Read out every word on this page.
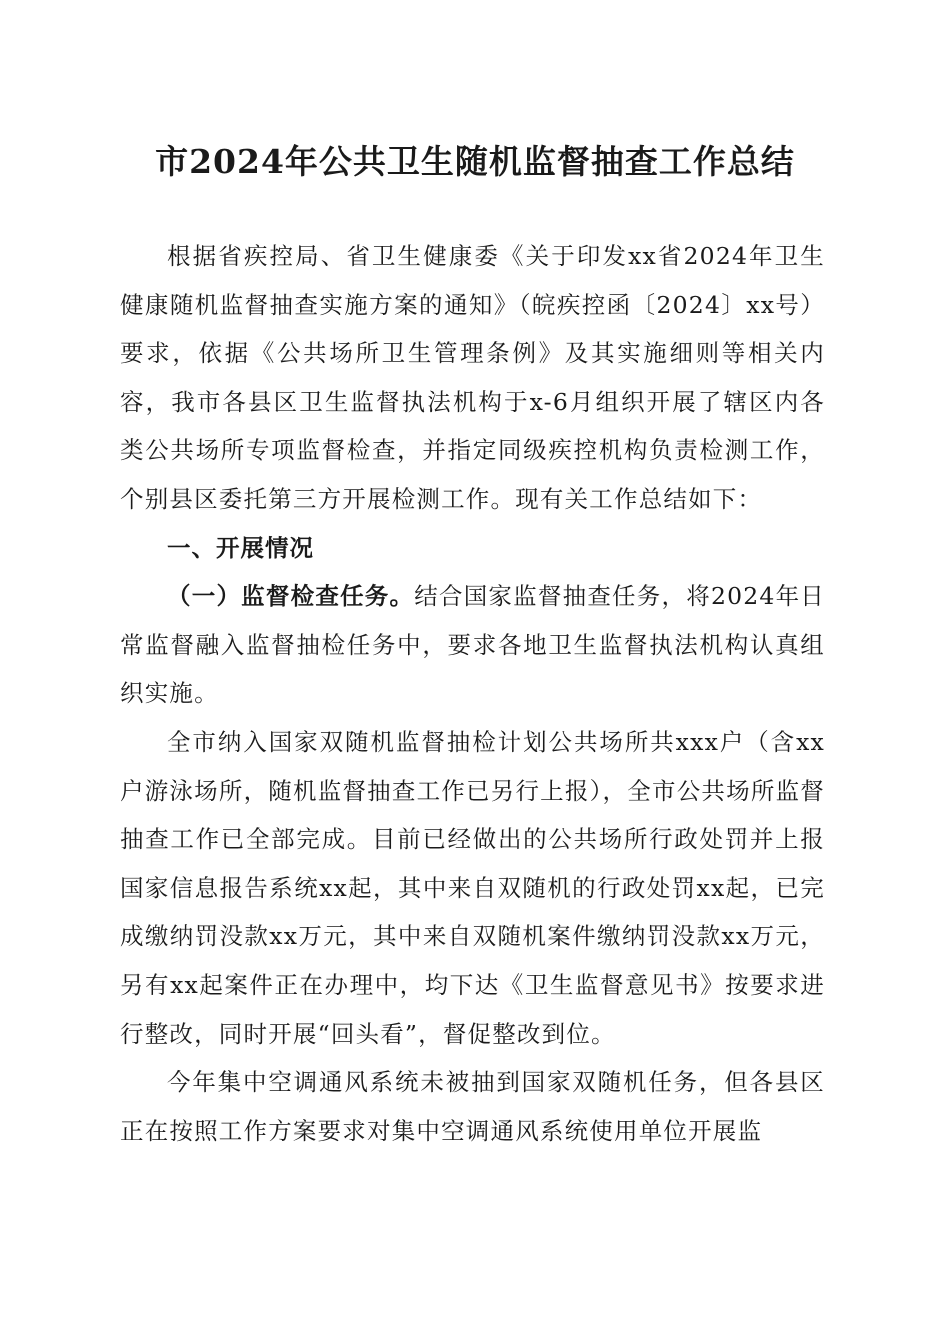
市2024年公共卫生随机监督抽查工作总结

根据省疾控局、省卫生健康委《关于印发xx省2024年卫生健康随机监督抽查实施方案的通知》（皖疾控函〔2024〕xx号）要求，依据《公共场所卫生管理条例》及其实施细则等相关内容，我市各县区卫生监督执法机构于x-6月组织开展了辖区内各类公共场所专项监督检查，并指定同级疾控机构负责检测工作，个别县区委托第三方开展检测工作。现有关工作总结如下：

一、开展情况

（一）监督检查任务。结合国家监督抽查任务，将2024年日常监督融入监督抽检任务中，要求各地卫生监督执法机构认真组织实施。

全市纳入国家双随机监督抽检计划公共场所共xxx户（含xx户游泳场所，随机监督抽查工作已另行上报），全市公共场所监督抽查工作已全部完成。目前已经做出的公共场所行政处罚并上报国家信息报告系统xx起，其中来自双随机的行政处罚xx起，已完成缴纳罚没款xx万元，其中来自双随机案件缴纳罚没款xx万元，另有xx起案件正在办理中，均下达《卫生监督意见书》按要求进行整改，同时开展“回头看”，督促整改到位。

今年集中空调通风系统未被抽到国家双随机任务，但各县区正在按照工作方案要求对集中空调通风系统使用单位开展监
